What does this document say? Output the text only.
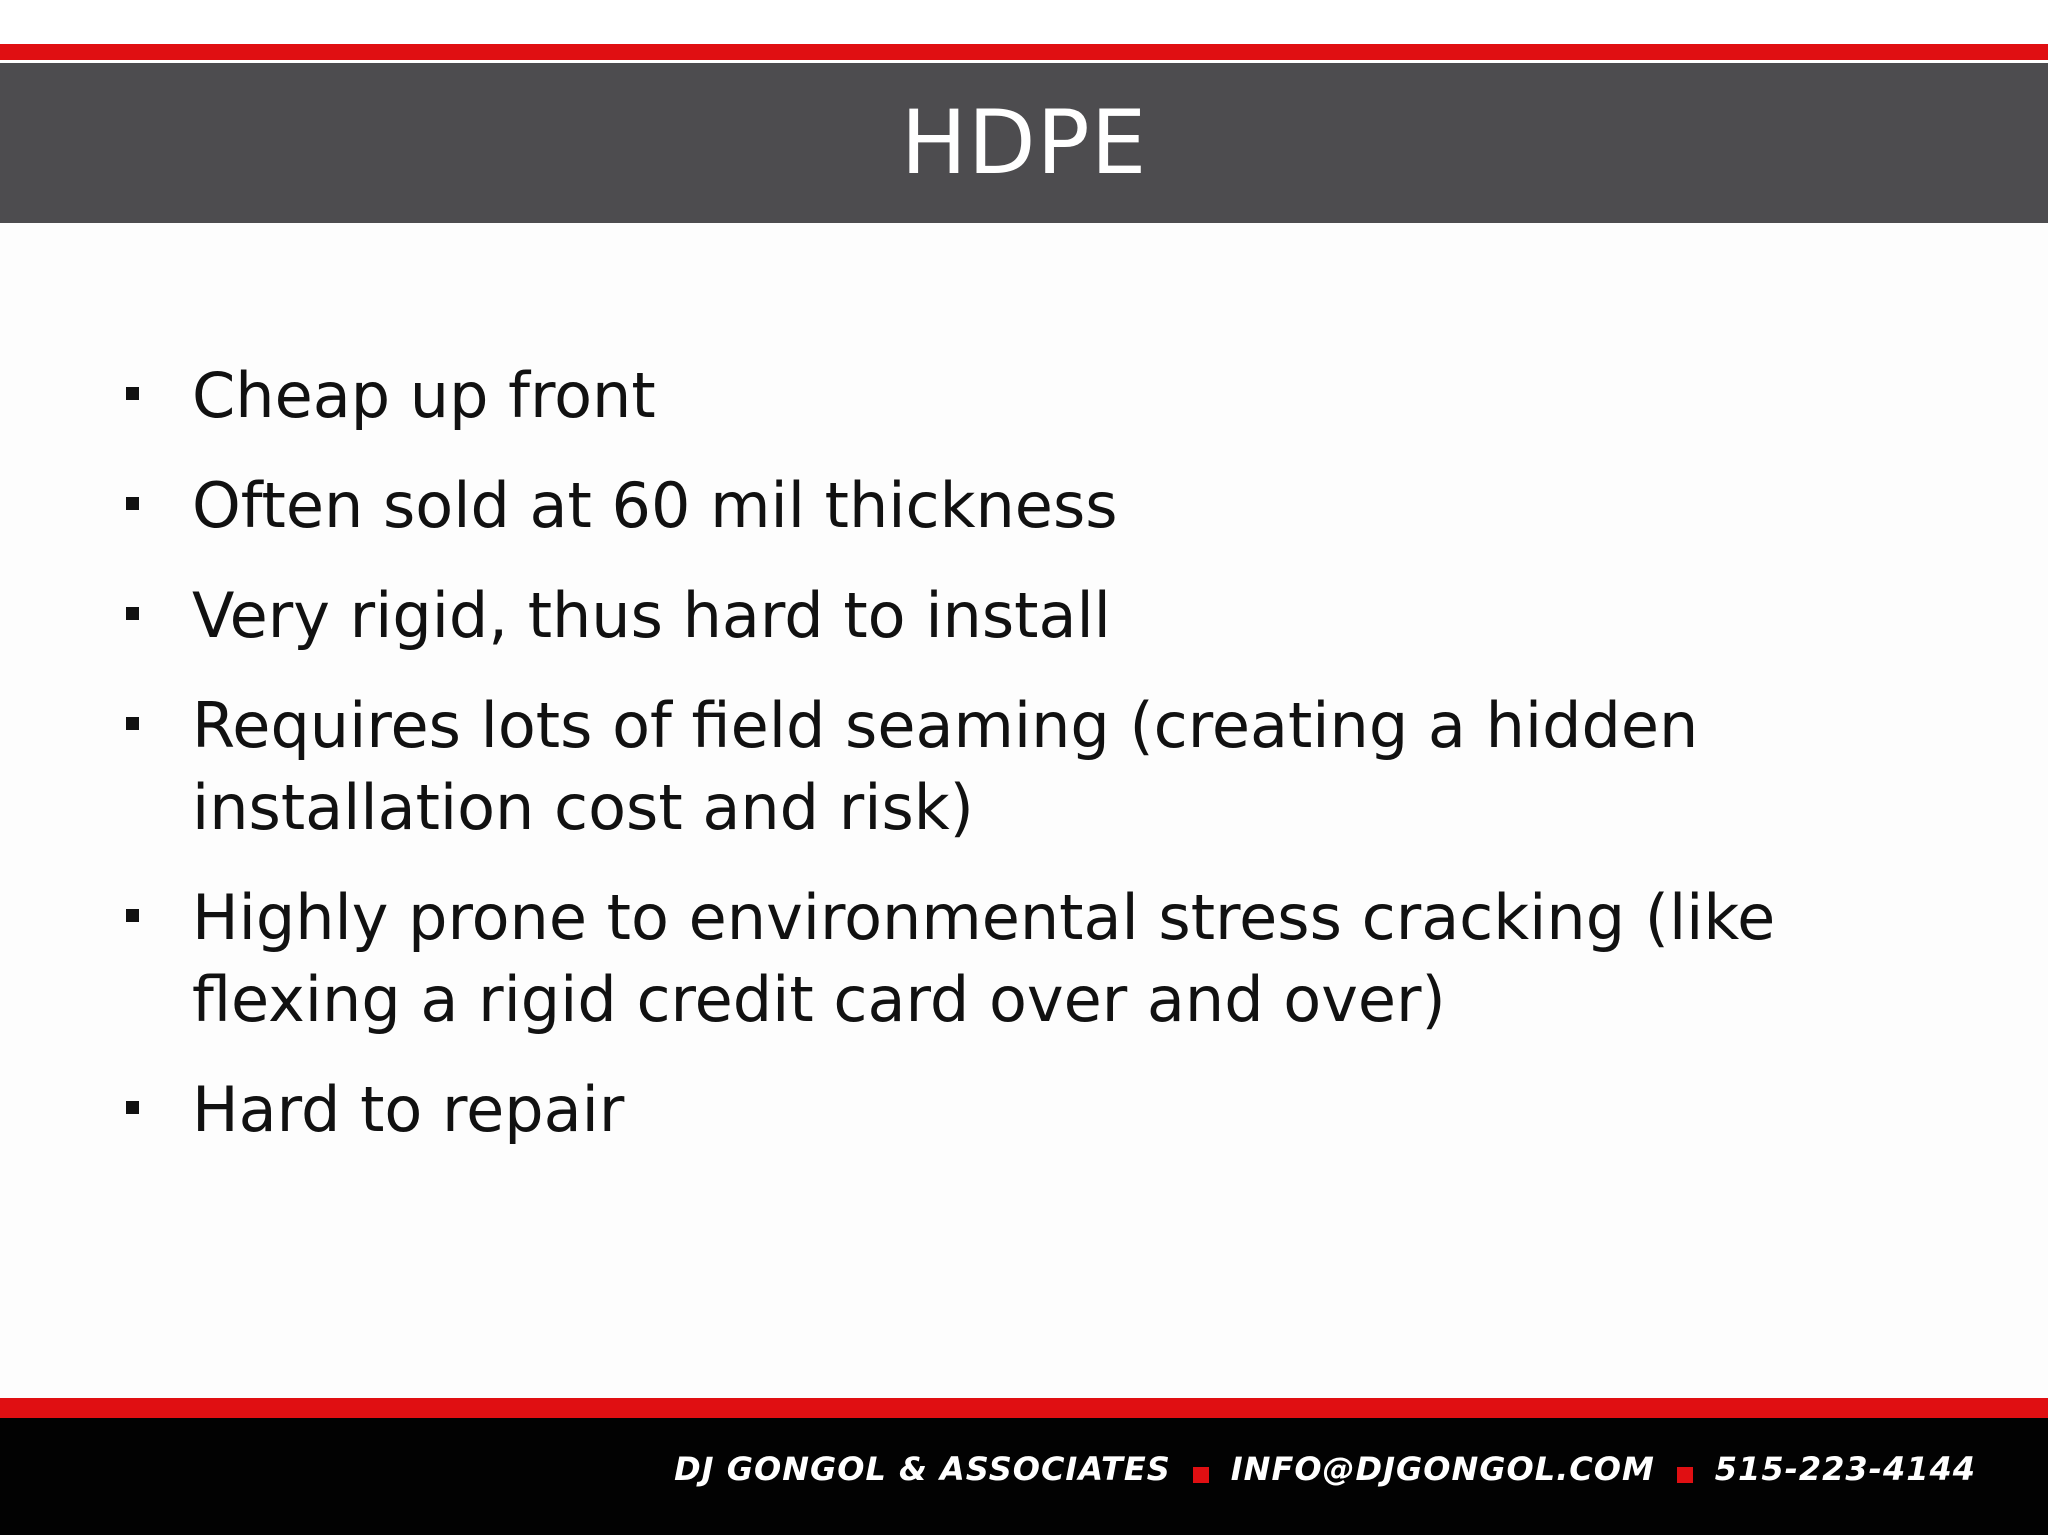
HDPE
Cheap up front
Often sold at 60 mil thickness
Very rigid, thus hard to install
Requires lots of field seaming (creating a hidden installation cost and risk)
Highly prone to environmental stress cracking (like flexing a rigid credit card over and over)
Hard to repair
DJ GONGOL & ASSOCIATES INFO@DJGONGOL.COM 515-223-4144
